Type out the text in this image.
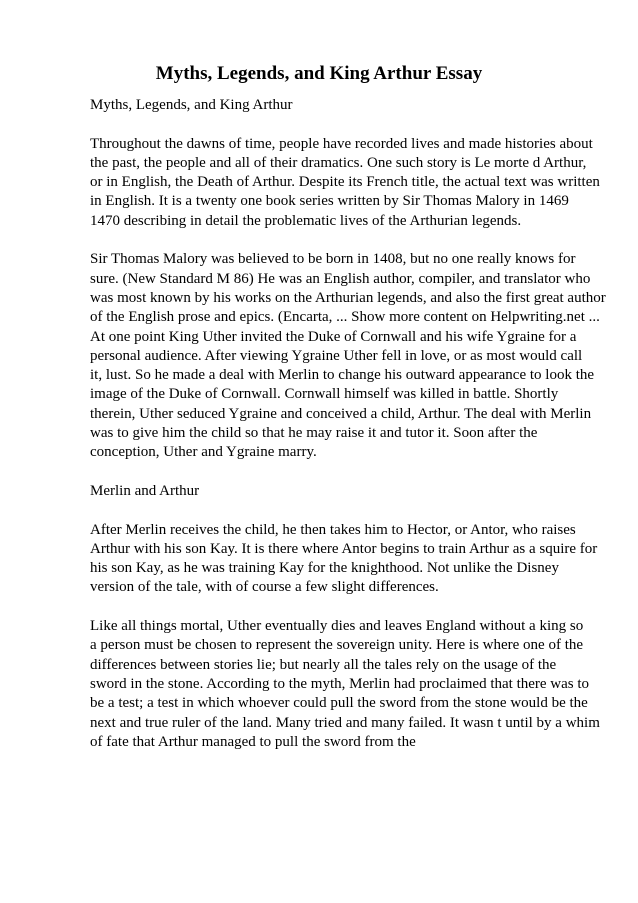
Myths, Legends, and King Arthur Essay
Myths, Legends, and King Arthur
Throughout the dawns of time, people have recorded lives and made histories about
the past, the people and all of their dramatics. One such story is Le morte d Arthur,
or in English, the Death of Arthur. Despite its French title, the actual text was written
in English. It is a twenty one book series written by Sir Thomas Malory in 1469
1470 describing in detail the problematic lives of the Arthurian legends.
Sir Thomas Malory was believed to be born in 1408, but no one really knows for
sure. (New Standard M 86) He was an English author, compiler, and translator who
was most known by his works on the Arthurian legends, and also the first great author
of the English prose and epics. (Encarta, ... Show more content on Helpwriting.net ...
At one point King Uther invited the Duke of Cornwall and his wife Ygraine for a
personal audience. After viewing Ygraine Uther fell in love, or as most would call
it, lust. So he made a deal with Merlin to change his outward appearance to look the
image of the Duke of Cornwall. Cornwall himself was killed in battle. Shortly
therein, Uther seduced Ygraine and conceived a child, Arthur. The deal with Merlin
was to give him the child so that he may raise it and tutor it. Soon after the
conception, Uther and Ygraine marry.
Merlin and Arthur
After Merlin receives the child, he then takes him to Hector, or Antor, who raises
Arthur with his son Kay. It is there where Antor begins to train Arthur as a squire for
his son Kay, as he was training Kay for the knighthood. Not unlike the Disney
version of the tale, with of course a few slight differences.
Like all things mortal, Uther eventually dies and leaves England without a king so
a person must be chosen to represent the sovereign unity. Here is where one of the
differences between stories lie; but nearly all the tales rely on the usage of the
sword in the stone. According to the myth, Merlin had proclaimed that there was to
be a test; a test in which whoever could pull the sword from the stone would be the
next and true ruler of the land. Many tried and many failed. It wasn t until by a whim
of fate that Arthur managed to pull the sword from the
